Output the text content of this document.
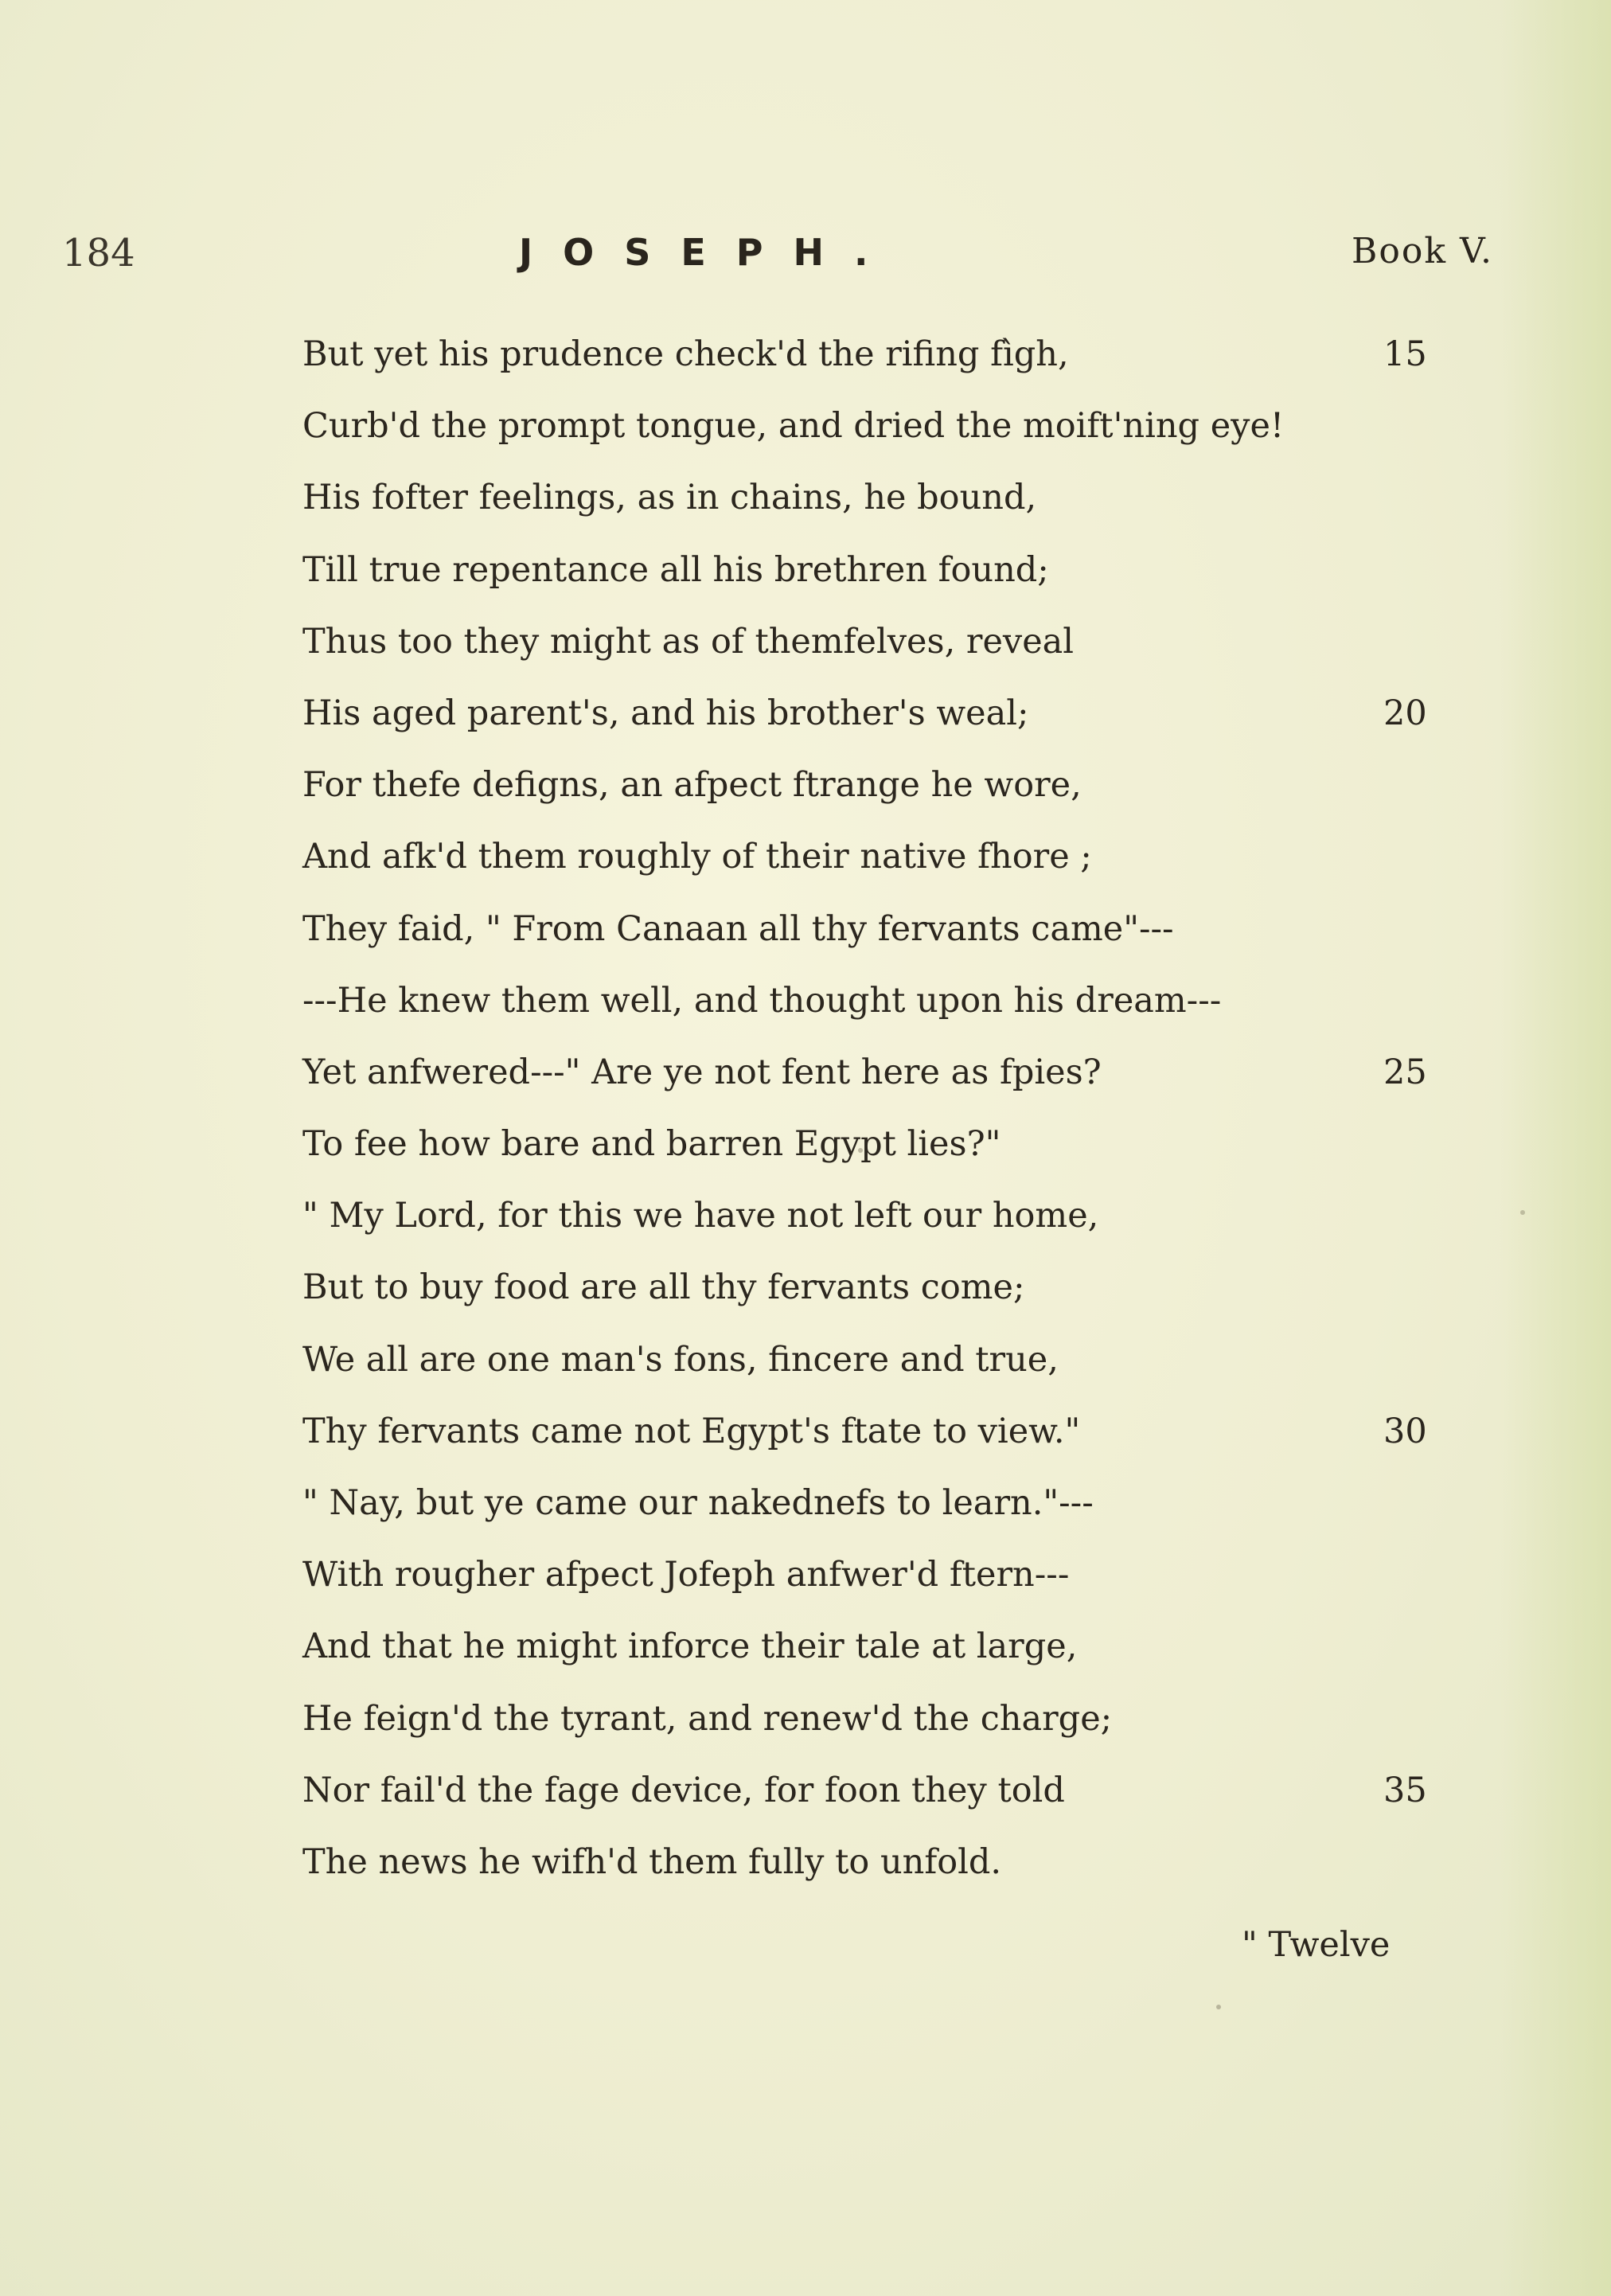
184	JOSEPH.	Book V.
But yet his prudence check'd the rifing fìgh,	15
Curb'd the prompt tongue, and dried the moift'ning eye!
His fofter feelings, as in chains, he bound,
Till true repentance all his brethren found;
Thus too they might as of themfelves, reveal
His aged parent's, and his brother's weal;	20
For thefe defigns, an afpect ftrange he wore,
And afk'd them roughly of their native fhore ;
They faid, " From Canaan all thy fervants came"---
---He knew them well, and thought upon his dream---
Yet anfwered---" Are ye not fent here as fpies?	25
To fee how bare and barren Egypt lies?"
" My Lord, for this we have not left our home,
But to buy food are all thy fervants come;
We all are one man's fons, fincere and true,
Thy fervants came not Egypt's ftate to view."	30
" Nay, but ye came our nakednefs to learn."---
With rougher afpect Jofeph anfwer'd ftern---
And that he might inforce their tale at large,
He feign'd the tyrant, and renew'd the charge;
Nor fail'd the fage device, for foon they told	35
The news he wifh'd them fully to unfold.
" Twelve
